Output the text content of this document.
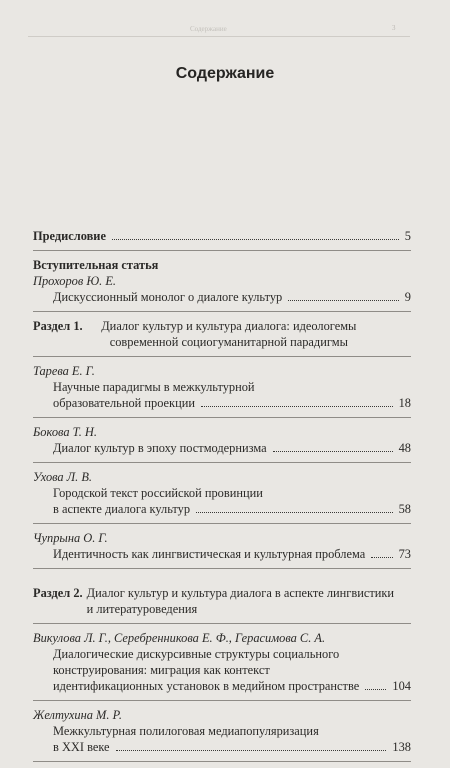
Содержание	3
Содержание
Предисловие	5
Вступительная статья
Прохоров Ю. Е.
Дискуссионный монолог о диалоге культур	9
Раздел 1.	Диалог культур и культура диалога: идеологемы
современной социогуманитарной парадигмы
Тарева Е. Г.
Научные парадигмы в межкультурной
образовательной проекции	18
Бокова Т. Н.
Диалог культур в эпоху постмодернизма	48
Ухова Л. В.
Городской текст российской провинции
в аспекте диалога культур	58
Чупрына О. Г.
Идентичность как лингвистическая и культурная проблема	73
Раздел 2. Диалог культур и культура диалога в аспекте лингвистики
и литературоведения
Викулова Л. Г., Серебренникова Е. Ф., Герасимова С. А.
Диалогические дискурсивные структуры социального
конструирования: миграция как контекст
идентификационных установок в медийном пространстве	104
Желтухина М. Р.
Межкультурная полилоговая медиапопуляризация
в XXI веке	138
